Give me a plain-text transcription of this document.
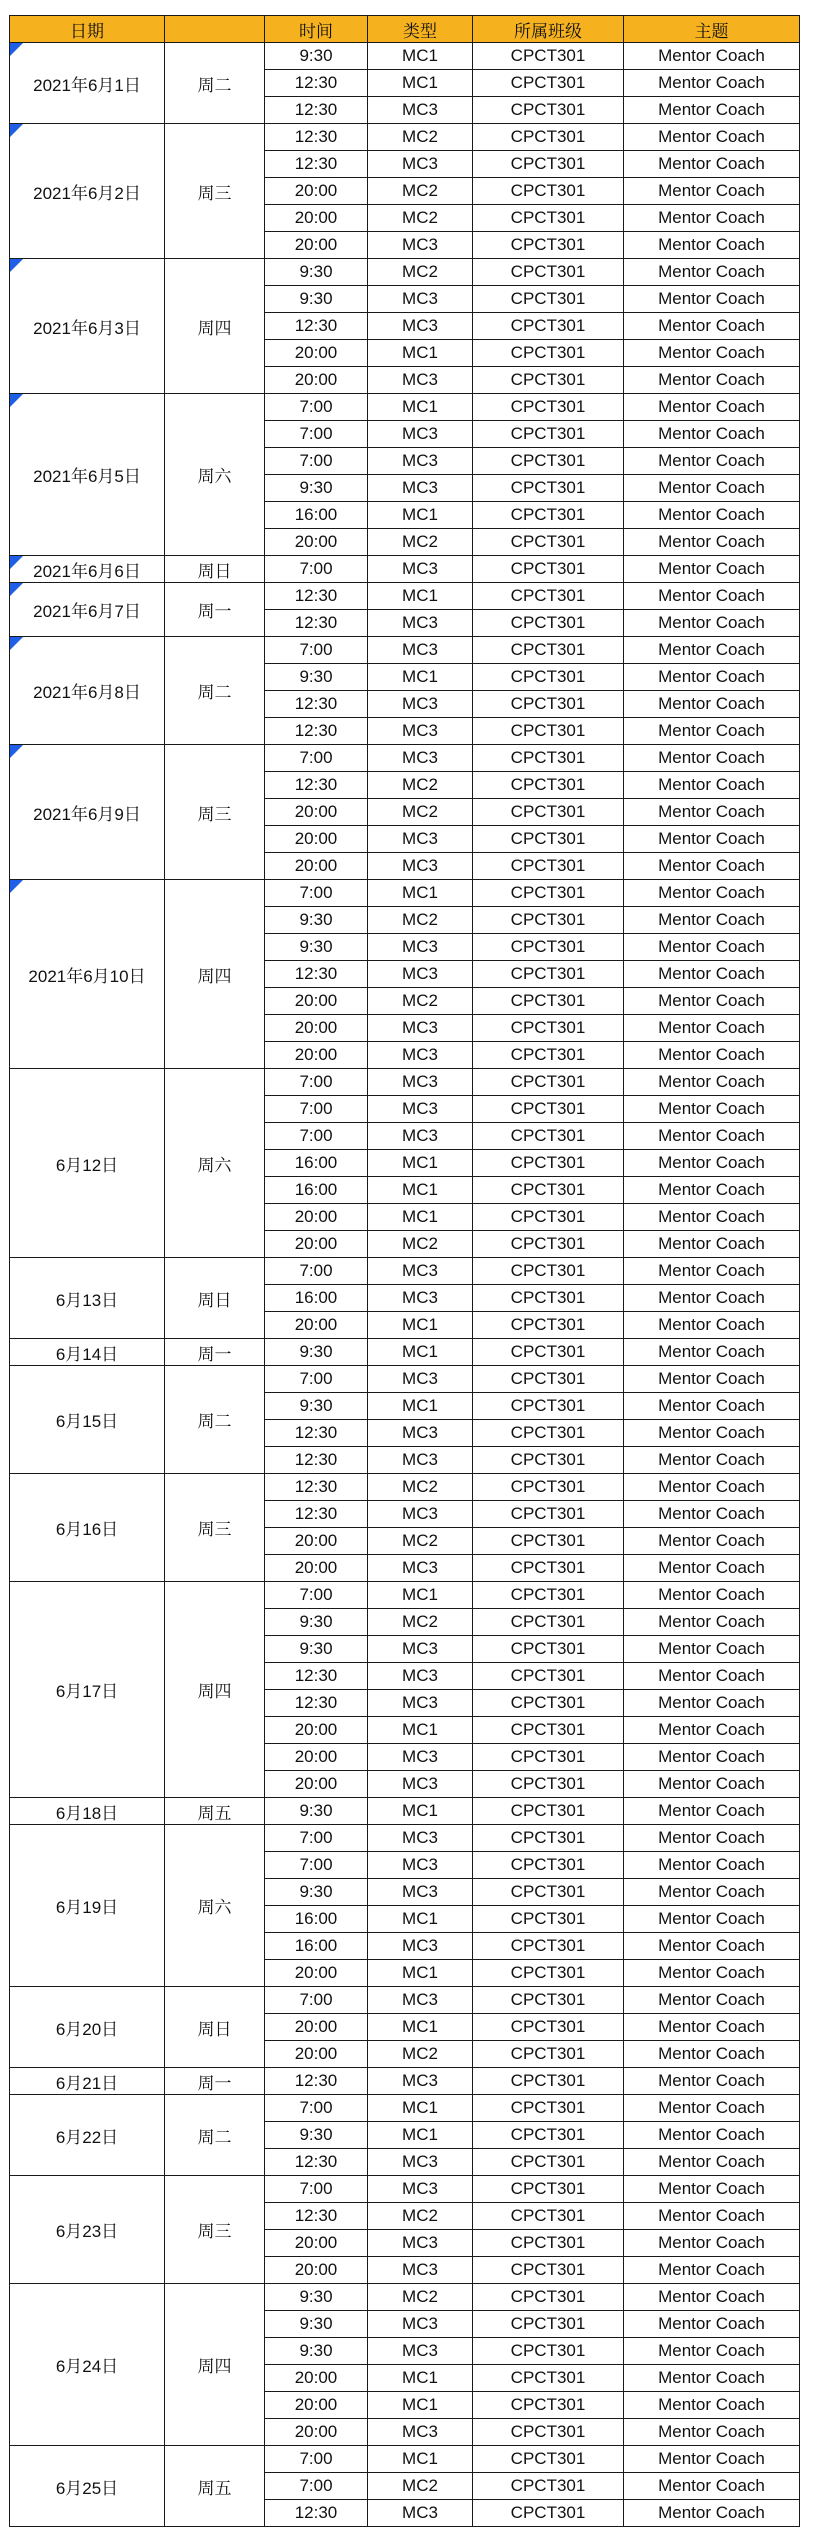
日期		时间	类型	所属班级	主题

2021年6月1日	周二	9:30	MC1	CPCT301	Mentor Coach
		12:30	MC1	CPCT301	Mentor Coach
		12:30	MC3	CPCT301	Mentor Coach

2021年6月2日	周三	12:30	MC2	CPCT301	Mentor Coach
		12:30	MC3	CPCT301	Mentor Coach
		20:00	MC2	CPCT301	Mentor Coach
		20:00	MC2	CPCT301	Mentor Coach
		20:00	MC3	CPCT301	Mentor Coach

2021年6月3日	周四	9:30	MC2	CPCT301	Mentor Coach
		9:30	MC3	CPCT301	Mentor Coach
		12:30	MC3	CPCT301	Mentor Coach
		20:00	MC1	CPCT301	Mentor Coach
		20:00	MC3	CPCT301	Mentor Coach

2021年6月5日	周六	7:00	MC1	CPCT301	Mentor Coach
		7:00	MC3	CPCT301	Mentor Coach
		7:00	MC3	CPCT301	Mentor Coach
		9:30	MC3	CPCT301	Mentor Coach
		16:00	MC1	CPCT301	Mentor Coach
		20:00	MC2	CPCT301	Mentor Coach

2021年6月6日	周日	7:00	MC3	CPCT301	Mentor Coach

2021年6月7日	周一	12:30	MC1	CPCT301	Mentor Coach
		12:30	MC3	CPCT301	Mentor Coach

2021年6月8日	周二	7:00	MC3	CPCT301	Mentor Coach
		9:30	MC1	CPCT301	Mentor Coach
		12:30	MC3	CPCT301	Mentor Coach
		12:30	MC3	CPCT301	Mentor Coach

2021年6月9日	周三	7:00	MC3	CPCT301	Mentor Coach
		12:30	MC2	CPCT301	Mentor Coach
		20:00	MC2	CPCT301	Mentor Coach
		20:00	MC3	CPCT301	Mentor Coach
		20:00	MC3	CPCT301	Mentor Coach

2021年6月10日	周四	7:00	MC1	CPCT301	Mentor Coach
		9:30	MC2	CPCT301	Mentor Coach
		9:30	MC3	CPCT301	Mentor Coach
		12:30	MC3	CPCT301	Mentor Coach
		20:00	MC2	CPCT301	Mentor Coach
		20:00	MC3	CPCT301	Mentor Coach
		20:00	MC3	CPCT301	Mentor Coach
6月12日	周六	7:00	MC3	CPCT301	Mentor Coach
		7:00	MC3	CPCT301	Mentor Coach
		7:00	MC3	CPCT301	Mentor Coach
		16:00	MC1	CPCT301	Mentor Coach
		16:00	MC1	CPCT301	Mentor Coach
		20:00	MC1	CPCT301	Mentor Coach
		20:00	MC2	CPCT301	Mentor Coach
6月13日	周日	7:00	MC3	CPCT301	Mentor Coach
		16:00	MC3	CPCT301	Mentor Coach
		20:00	MC1	CPCT301	Mentor Coach
6月14日	周一	9:30	MC1	CPCT301	Mentor Coach
6月15日	周二	7:00	MC3	CPCT301	Mentor Coach
		9:30	MC1	CPCT301	Mentor Coach
		12:30	MC3	CPCT301	Mentor Coach
		12:30	MC3	CPCT301	Mentor Coach
6月16日	周三	12:30	MC2	CPCT301	Mentor Coach
		12:30	MC3	CPCT301	Mentor Coach
		20:00	MC2	CPCT301	Mentor Coach
		20:00	MC3	CPCT301	Mentor Coach
6月17日	周四	7:00	MC1	CPCT301	Mentor Coach
		9:30	MC2	CPCT301	Mentor Coach
		9:30	MC3	CPCT301	Mentor Coach
		12:30	MC3	CPCT301	Mentor Coach
		12:30	MC3	CPCT301	Mentor Coach
		20:00	MC1	CPCT301	Mentor Coach
		20:00	MC3	CPCT301	Mentor Coach
		20:00	MC3	CPCT301	Mentor Coach
6月18日	周五	9:30	MC1	CPCT301	Mentor Coach
6月19日	周六	7:00	MC3	CPCT301	Mentor Coach
		7:00	MC3	CPCT301	Mentor Coach
		9:30	MC3	CPCT301	Mentor Coach
		16:00	MC1	CPCT301	Mentor Coach
		16:00	MC3	CPCT301	Mentor Coach
		20:00	MC1	CPCT301	Mentor Coach
6月20日	周日	7:00	MC3	CPCT301	Mentor Coach
		20:00	MC1	CPCT301	Mentor Coach
		20:00	MC2	CPCT301	Mentor Coach
6月21日	周一	12:30	MC3	CPCT301	Mentor Coach
6月22日	周二	7:00	MC1	CPCT301	Mentor Coach
		9:30	MC1	CPCT301	Mentor Coach
		12:30	MC3	CPCT301	Mentor Coach
6月23日	周三	7:00	MC3	CPCT301	Mentor Coach
		12:30	MC2	CPCT301	Mentor Coach
		20:00	MC3	CPCT301	Mentor Coach
		20:00	MC3	CPCT301	Mentor Coach
6月24日	周四	9:30	MC2	CPCT301	Mentor Coach
		9:30	MC3	CPCT301	Mentor Coach
		9:30	MC3	CPCT301	Mentor Coach
		20:00	MC1	CPCT301	Mentor Coach
		20:00	MC1	CPCT301	Mentor Coach
		20:00	MC3	CPCT301	Mentor Coach
6月25日	周五	7:00	MC1	CPCT301	Mentor Coach
		7:00	MC2	CPCT301	Mentor Coach
		12:30	MC3	CPCT301	Mentor Coach
